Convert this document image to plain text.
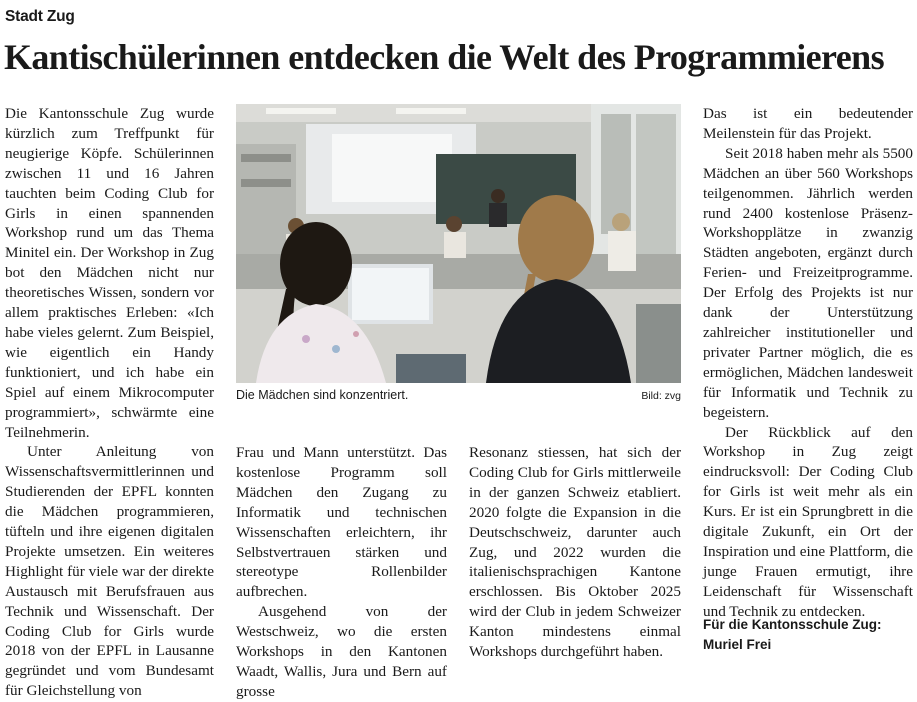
Stadt Zug
Kantischülerinnen entdecken die Welt des Programmierens

Die Kantonsschule Zug wurde kürzlich zum Treffpunkt für neugierige Köpfe. Schülerinnen zwischen 11 und 16 Jahren tauchten beim Coding Club for Girls in einen spannenden Workshop rund um das Thema Minitel ein. Der Workshop in Zug bot den Mädchen nicht nur theoretisches Wissen, sondern vor allem praktisches Erleben: «Ich habe vieles gelernt. Zum Beispiel, wie eigentlich ein Handy funktioniert, und ich habe ein Spiel auf einem Mikrocomputer programmiert», schwärmte eine Teilnehmerin.

Unter Anleitung von Wissenschaftsvermittlerinnen und Studierenden der EPFL konnten die Mädchen programmieren, tüfteln und ihre eigenen digitalen Projekte umsetzen. Ein weiteres Highlight für viele war der direkte Austausch mit Berufsfrauen aus Technik und Wissenschaft. Der Coding Club for Girls wurde 2018 von der EPFL in Lausanne gegründet und vom Bundesamt für Gleichstellung von

Die Mädchen sind konzentriert.	Bild: zvg

Frau und Mann unterstützt. Das kostenlose Programm soll Mädchen den Zugang zu Informatik und technischen Wissenschaften erleichtern, ihr Selbstvertrauen stärken und stereotype Rollenbilder aufbrechen.

Ausgehend von der Westschweiz, wo die ersten Workshops in den Kantonen Waadt, Wallis, Jura und Bern auf grosse

Resonanz stiessen, hat sich der Coding Club for Girls mittlerweile in der ganzen Schweiz etabliert. 2020 folgte die Expansion in die Deutschschweiz, darunter auch Zug, und 2022 wurden die italienischsprachigen Kantone erschlossen. Bis Oktober 2025 wird der Club in jedem Schweizer Kanton mindestens einmal Workshops durchgeführt haben.

Das ist ein bedeutender Meilenstein für das Projekt.

Seit 2018 haben mehr als 5500 Mädchen an über 560 Workshops teilgenommen. Jährlich werden rund 2400 kostenlose Präsenz-Workshopplätze in zwanzig Städten angeboten, ergänzt durch Ferien- und Freizeitprogramme. Der Erfolg des Projekts ist nur dank der Unterstützung zahlreicher institutioneller und privater Partner möglich, die es ermöglichen, Mädchen landesweit für Informatik und Technik zu begeistern.

Der Rückblick auf den Workshop in Zug zeigt eindrucksvoll: Der Coding Club for Girls ist weit mehr als ein Kurs. Er ist ein Sprungbrett in die digitale Zukunft, ein Ort der Inspiration und eine Plattform, die junge Frauen ermutigt, ihre Leidenschaft für Wissenschaft und Technik zu entdecken.

Für die Kantonsschule Zug:
Muriel Frei
